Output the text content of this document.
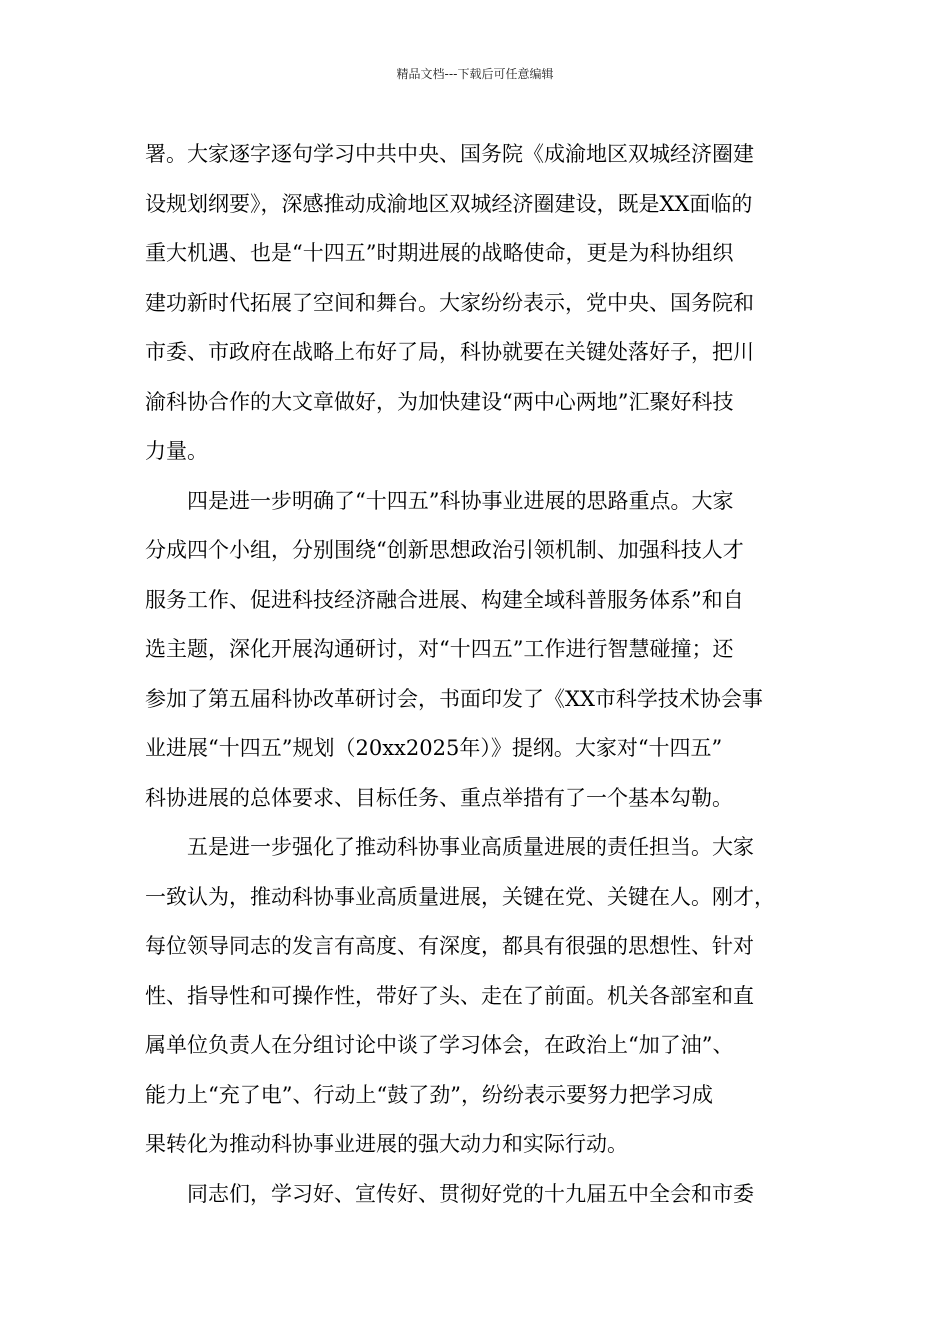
精品文档---下载后可任意编辑
署。大家逐字逐句学习中共中央、国务院《成渝地区双城经济圈建
设规划纲要》，深感推动成渝地区双城经济圈建设，既是XX面临的
重大机遇、也是“十四五”时期进展的战略使命，更是为科协组织
建功新时代拓展了空间和舞台。大家纷纷表示，党中央、国务院和
市委、市政府在战略上布好了局，科协就要在关键处落好子，把川
渝科协合作的大文章做好，为加快建设“两中心两地”汇聚好科技
力量。
　　四是进一步明确了“十四五”科协事业进展的思路重点。大家
分成四个小组，分别围绕“创新思想政治引领机制、加强科技人才
服务工作、促进科技经济融合进展、构建全域科普服务体系”和自
选主题，深化开展沟通研讨，对“十四五”工作进行智慧碰撞；还
参加了第五届科协改革研讨会，书面印发了《XX市科学技术协会事
业进展“十四五”规划（20xx2025年）》提纲。大家对“十四五”
科协进展的总体要求、目标任务、重点举措有了一个基本勾勒。
　　五是进一步强化了推动科协事业高质量进展的责任担当。大家
一致认为，推动科协事业高质量进展，关键在党、关键在人。刚才，
每位领导同志的发言有高度、有深度，都具有很强的思想性、针对
性、指导性和可操作性，带好了头、走在了前面。机关各部室和直
属单位负责人在分组讨论中谈了学习体会，在政治上“加了油”、
能力上“充了电”、行动上“鼓了劲”，纷纷表示要努力把学习成
果转化为推动科协事业进展的强大动力和实际行动。
　　同志们，学习好、宣传好、贯彻好党的十九届五中全会和市委
